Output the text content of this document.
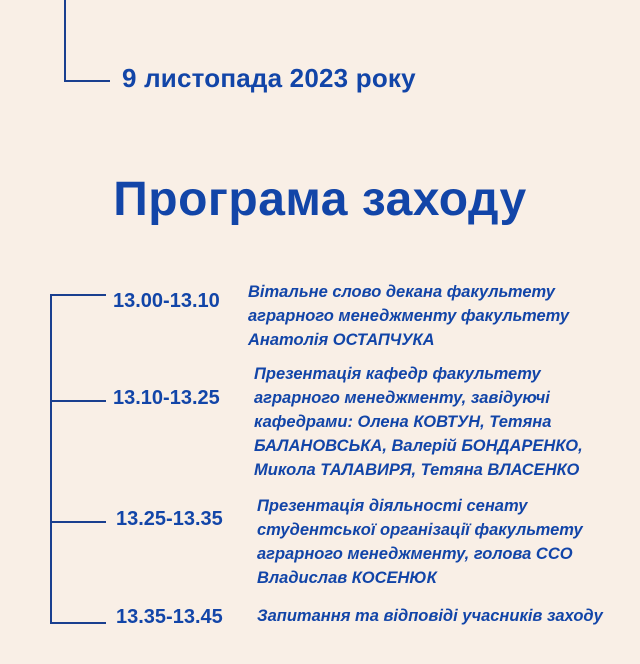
9 листопада 2023 року
Програма заходу
13.00-13.10 Вітальне слово декана факультету
аграрного менеджменту факультету
Анатолія ОСТАПЧУКА
13.10-13.25
Презентація кафедр факультету
аграрного менеджменту, завідуючі
кафедрами: Олена КОВТУН, Тетяна
БАЛАНОВСЬКА, Валерій БОНДАРЕНКО,
Микола ТАЛАВИРЯ, Тетяна ВЛАСЕНКО
13.25-13.35
Презентація діяльності сенату
студентської організації факультету
аграрного менеджменту, голова ССО
Владислав КОСЕНЮК
13.35-13.45 Запитання та відповіді учасників заходу
